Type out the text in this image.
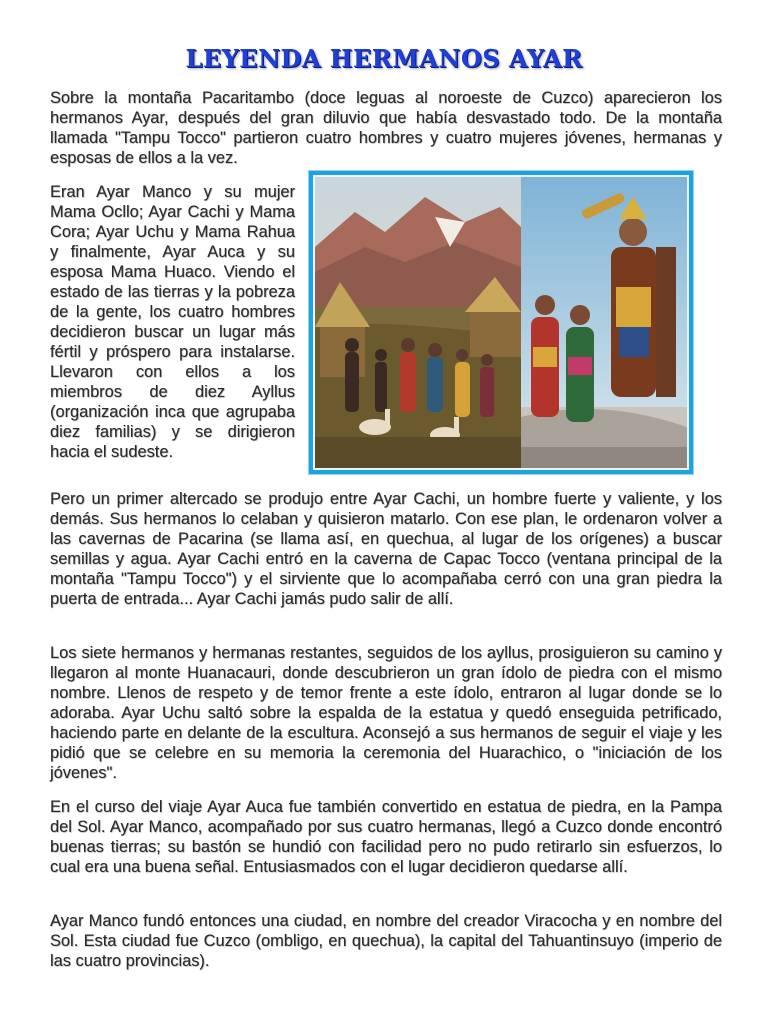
LEYENDA HERMANOS AYAR

Sobre la montaña Pacaritambo (doce leguas al noroeste de Cuzco) aparecieron los hermanos Ayar, después del gran diluvio que había desvastado todo. De la montaña llamada "Tampu Tocco" partieron cuatro hombres y cuatro mujeres jóvenes, hermanas y esposas de ellos a la vez.

Eran Ayar Manco y su mujer Mama Ocllo; Ayar Cachi y Mama Cora; Ayar Uchu y Mama Rahua y finalmente, Ayar Auca y su esposa Mama Huaco. Viendo el estado de las tierras y la pobreza de la gente, los cuatro hombres decidieron buscar un lugar más fértil y próspero para instalarse. Llevaron con ellos a los miembros de diez Ayllus (organización inca que agrupaba diez familias) y se dirigieron hacia el sudeste.

Pero un primer altercado se produjo entre Ayar Cachi, un hombre fuerte y valiente, y los demás. Sus hermanos lo celaban y quisieron matarlo. Con ese plan, le ordenaron volver a las cavernas de Pacarina (se llama así, en quechua, al lugar de los orígenes) a buscar semillas y agua. Ayar Cachi entró en la caverna de Capac Tocco (ventana principal de la montaña "Tampu Tocco") y el sirviente que lo acompañaba cerró con una gran piedra la puerta de entrada... Ayar Cachi jamás pudo salir de allí.

Los siete hermanos y hermanas restantes, seguidos de los ayllus, prosiguieron su camino y llegaron al monte Huanacauri, donde descubrieron un gran ídolo de piedra con el mismo nombre. Llenos de respeto y de temor frente a este ídolo, entraron al lugar donde se lo adoraba. Ayar Uchu saltó sobre la espalda de la estatua y quedó enseguida petrificado, haciendo parte en delante de la escultura. Aconsejó a sus hermanos de seguir el viaje y les pidió que se celebre en su memoria la ceremonia del Huarachico, o "iniciación de los jóvenes".

En el curso del viaje Ayar Auca fue también convertido en estatua de piedra, en la Pampa del Sol. Ayar Manco, acompañado por sus cuatro hermanas, llegó a Cuzco donde encontró buenas tierras; su bastón se hundió con facilidad pero no pudo retirarlo sin esfuerzos, lo cual era una buena señal. Entusiasmados con el lugar decidieron quedarse allí.

Ayar Manco fundó entonces una ciudad, en nombre del creador Viracocha y en nombre del Sol. Esta ciudad fue Cuzco (ombligo, en quechua), la capital del Tahuantinsuyo (imperio de las cuatro provincias).
